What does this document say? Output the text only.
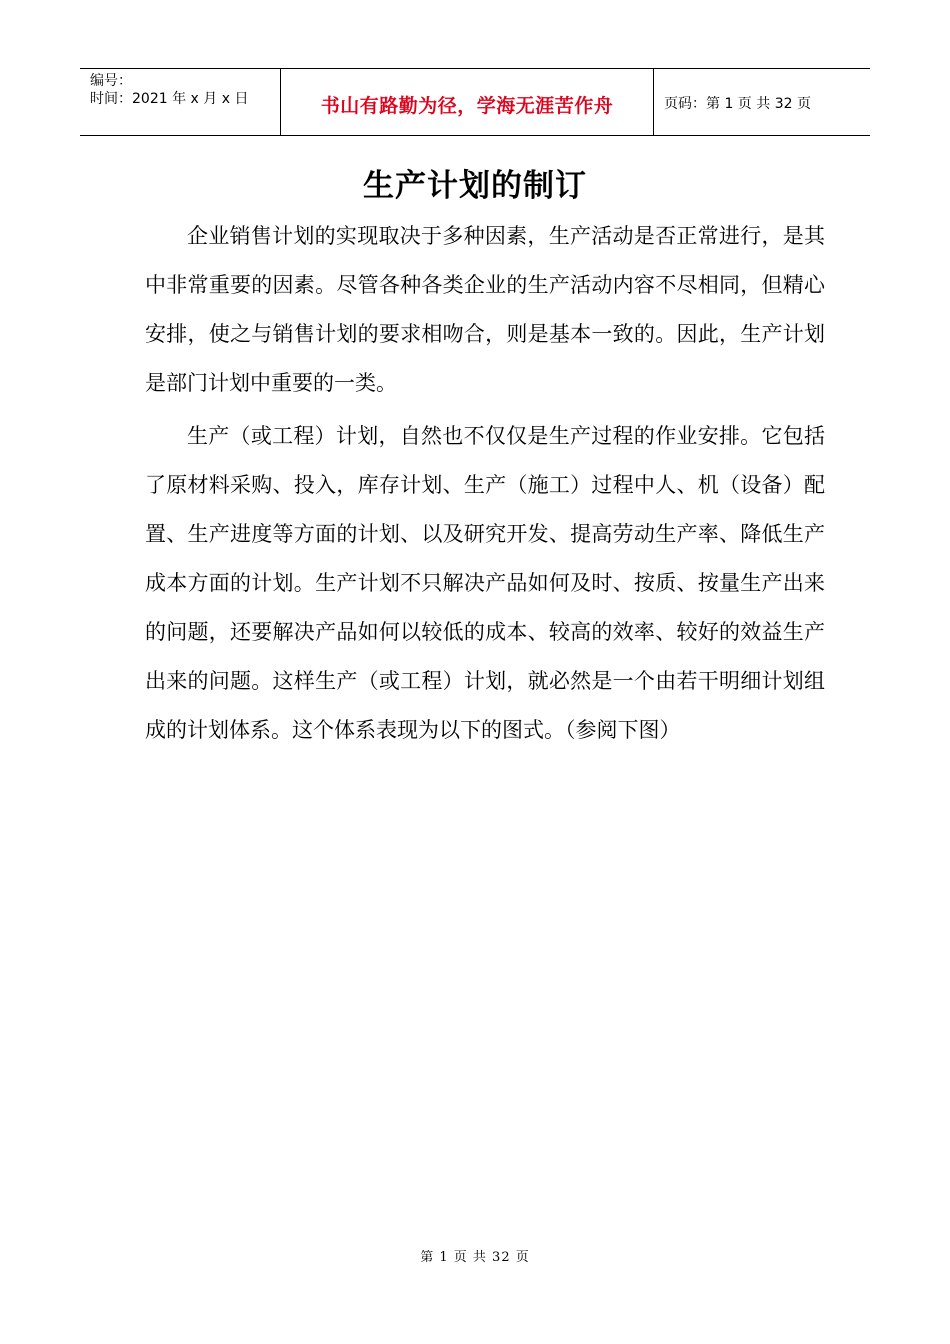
编号：
时间：2021 年 x 月 x 日	书山有路勤为径，学海无涯苦作舟	页码：第 1 页 共 32 页
生产计划的制订

企业销售计划的实现取决于多种因素，生产活动是否正常进行，是其中非常重要的因素。尽管各种各类企业的生产活动内容不尽相同，但精心安排，使之与销售计划的要求相吻合，则是基本一致的。因此，生产计划是部门计划中重要的一类。

生产（或工程）计划，自然也不仅仅是生产过程的作业安排。它包括了原材料采购、投入，库存计划、生产（施工）过程中人、机（设备）配置、生产进度等方面的计划、以及研究开发、提高劳动生产率、降低生产成本方面的计划。生产计划不只解决产品如何及时、按质、按量生产出来的问题，还要解决产品如何以较低的成本、较高的效率、较好的效益生产出来的问题。这样生产（或工程）计划，就必然是一个由若干明细计划组成的计划体系。这个体系表现为以下的图式。（参阅下图）

第 1 页 共 32 页
